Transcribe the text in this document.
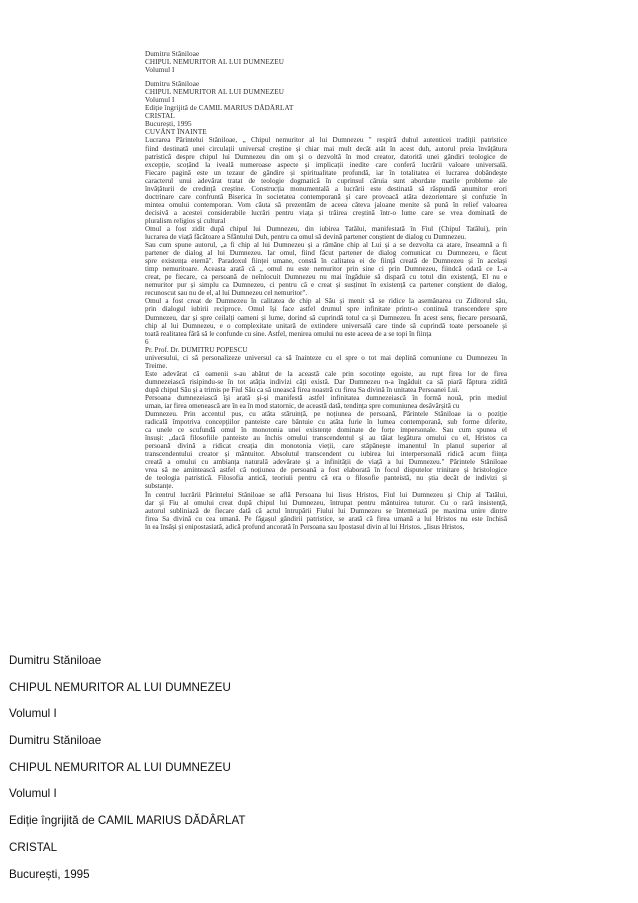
Dumitru Stăniloae
CHIPUL NEMURITOR AL LUI DUMNEZEU
Volumul I
Dumitru Stăniloae
CHIPUL NEMURITOR AL LUI DUMNEZEU
Volumul I
Ediție îngrijită de CAMIL MARIUS DĂDÂRLAT
CRISTAL
București, 1995
CUVÂNT ÎNAINTE
Lucrarea Părintelui Stăniloae, „ Chipul nemuritor al lui Dumnezeu " respiră duhul autenticei tradiții patristice
fiind destinată unei circulații universal creștine și chiar mai mult decât atât în acest duh, autorul preia învățătura
patristică despre chipul lui Dumnezeu din om și o dezvoltă în mod creator, datorită unei gândiri teologice de
excepție, scoțând la iveală numeroase aspecte și implicații inedite care conferă lucrării valoare universală.
Fiecare pagină este un tezaur de gândire și spiritualitate profundă, iar în totalitatea ei lucrarea dobândește
caracterul unui adevărat tratat de teologie dogmatică în cuprinsul căruia sunt abordate marile probleme ale
învățăturii de credință creștine. Construcția monumentală a lucrării este destinată să răspundă anumitor erori
doctrinare care confruntă Biserica în societatea contemporană și care provoacă atâta dezorientare și confuzie în
mintea omului contemporan. Vom căuta să prezentăm de aceea câteva jaloane menite să pună în relief valoarea
decisivă a acestei considerabile lucrări pentru viața și trăirea creștină într-o lume care se vrea dominată de
pluralism religios și cultural
Omul a fost zidit după chipul lui Dumnezeu, din iubirea Tatălui, manifestată în Fiul (Chipul Tatălui), prin
lucrarea de viață făcătoare a Sfântului Duh, pentru ca omul să devină partener conștient de dialog cu Dumnezeu.
Sau cum spune autorul, „a fi chip al lui Dumnezeu și a rămâne chip al Lui și a se dezvolta ca atare, înseamnă a fi
partener de dialog al lui Dumnezeu. Iar omul, fiind făcut partener de dialog comunicat cu Dumnezeu, e făcut
spre existența eternă". Paradoxul ființei umane, constă în calitatea ei de ființă creată de Dumnezeu și în același
timp nemuritoare. Aceasta arată că „ omul nu este nemuritor prin sine ci prin Dumnezeu, fiindcă odată ce L-a
creat, pe fiecare, ca persoană de neînlocuit Dumnezeu nu mai îngăduie să dispară cu totul din existență, El nu e
nemuritor pur și simplu ca Dumnezeu, ci pentru că e creat și susținut în existență ca partener conștient de dialog,
recunoscut sau nu de el, al lui Dumnezeu cel nemuritor".
Omul a fost creat de Dumnezeu în calitatea de chip al Său și menit să se ridice la asemănarea cu Ziditorul său,
prin dialogul iubirii reciproce. Omul își face astfel drumul spre infinitate printr-o continuă transcendere spre
Dumnezeu, dar și spre ceilalți oameni și lume, dorind să cuprindă totul ca și Dumnezeu. În acest sens, fiecare persoană,
chip al lui Dumnezeu, e o complexitate unitară de extindere universală care tinde să cuprindă toate persoanele și
toată realitatea fără să le confunde cu sine. Astfel, menirea omului nu este aceea de a se topi în ființa
6
Pr. Prof. Dr. DUMITRU POPESCU
universului, ci să personalizeze universul ca să înainteze cu el spre o tot mai deplină comuniune cu Dumnezeu în
Treime.
Este adevărat că oamenii s-au abătut de la această cale prin socotințe egoiste, au rupt firea lor de firea
dumnezeiască risipindu-se în tot atâția indivizi câți există. Dar Dumnezeu n-a îngăduit ca să piară făptura zidită
după chipul Său și a trimis pe Fiul Său ca să unească firea noastră cu firea Sa divină în unitatea Persoanei Lui.
Persoana dumnezeiască își arată și-și manifestă astfel infinitatea dumnezeiască în formă nouă, prin mediul
uman, iar firea omenească are în ea în mod statornic, de această dată, tendința spre comuniunea desăvârșită cu
Dumnezeu. Prin accentul pus, cu atâta stăruință, pe noțiunea de persoană, Părintele Stăniloae ia o poziție
radicală împotriva concepțiilor panteiste care bântuie cu atâta furie în lumea contemporană, sub forme diferite,
ca unele ce scufundă omul în monotonia unei existențe dominate de forțe impersonale. Sau cum spunea el
însuși: „dacă filosofiile panteiste au închis omului transcendentul și au tăiat legătura omului cu el, Hristos ca
persoană divină a ridicat creația din monotonia vieții, care stăpânește imanentul în planul superior al
transcendentului creator și mântuitor. Absolutul transcendent cu iubirea lui interpersonală ridică acum ființa
creată a omului cu ambianța naturală adevărate și a infinității de viață a lui Dumnezeu." Părintele Stăniloae
vrea să ne amintească astfel că noțiunea de persoană a fost elaborată în focul disputelor trinitare și hristologice
de teologia patristică. Filosofia antică, teoriuii pentru că era o filosofie panteistă, nu știa decât de indivizi și
substanțe.
În centrul lucrării Părintelui Stăniloae se află Persoana lui Iisus Hristos, Fiul lui Dumnezeu și Chip al Tatălui,
dar și Fiu al omului creat după chipul lui Dumnezeu, întrupat pentru mântuirea tuturor. Cu o rară insistență,
autorul subliniază de fiecare dată că actul întrupării Fiului lui Dumnezeu se întemeiază pe maxima unire dintre
firea Sa divină cu cea umană. Pe făgașul gândirii patristice, se arată că firea umană a lui Hristos nu este închisă
în ea însăși și enipostasiată, adică profund ancorată în Persoana sau Ipostasul divin al lui Hristos. „Iisus Hristos,
Dumitru Stăniloae
CHIPUL NEMURITOR AL LUI DUMNEZEU
Volumul I
Dumitru Stăniloae
CHIPUL NEMURITOR AL LUI DUMNEZEU
Volumul I
Ediție îngrijită de CAMIL MARIUS DĂDÂRLAT
CRISTAL
București, 1995
